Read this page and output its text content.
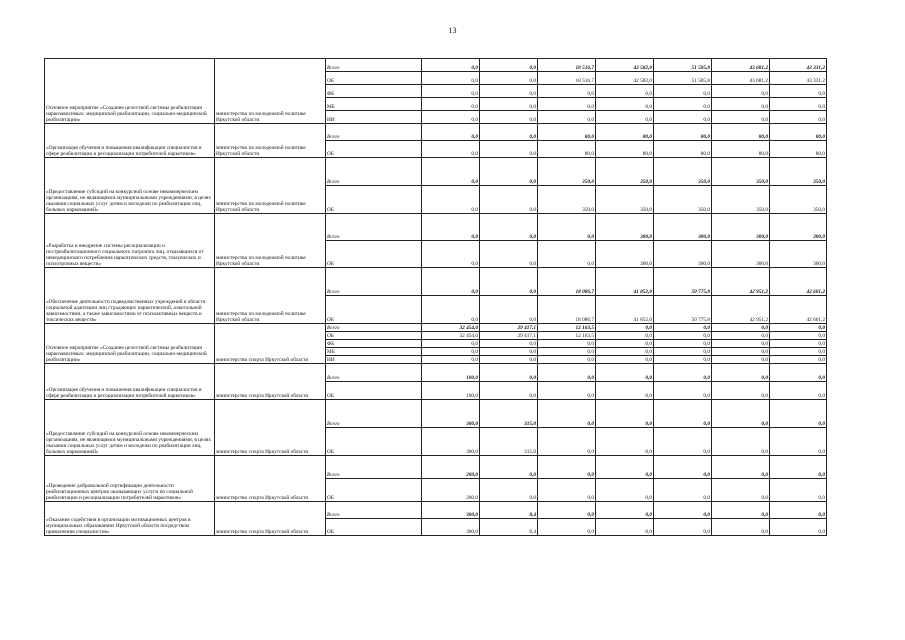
13
Основное мероприятие «Создание целостной системы реабилитации наркозависимых: медицинской реабилитации, социально-медицинской реабилитации»	министерство по молодежной политике Иркутской области	Всего	0,0	0,0	18 516,7	42 582,0	51 505,8	43 681,2	43 331,2
		ОБ	0,0	0,0	18 516,7	42 582,0	51 505,8	43 681,2	43 331,2
		ФБ	0,0	0,0	0,0	0,0	0,0	0,0	0,0
		МБ	0,0	0,0	0,0	0,0	0,0	0,0	0,0
		ИИ	0,0	0,0	0,0	0,0	0,0	0,0	0,0
«Организация обучения и повышения квалификации специалистов в сфере реабилитации и ресоциализации потребителей наркотиков»	министерство по молодежной политике Иркутской области	Всего	0,0	0,0	80,0	80,0	80,0	80,0	80,0
		ОБ	0,0	0,0	80,0	80,0	80,0	80,0	80,0
«Предоставление субсидий на конкурсной основе некоммерческим организациям, не являющимся муниципальными учреждениями, в целях оказания социальных услуг детям и молодежи по реабилитации лиц, больных наркоманией»	министерство по молодежной политике Иркутской области	Всего	0,0	0,0	350,0	350,0	350,0	350,0	350,0
		ОБ	0,0	0,0	350,0	350,0	350,0	350,0	350,0
«Разработка и внедрение системы ресоциализации и постреабилитационного социального патроната лиц, отказавшихся от немедицинского потребления наркотических средств, токсических и психотропных веществ»	министерство по молодежной политике Иркутской области	Всего	0,0	0,0	0,0	300,0	300,0	300,0	300,0
		ОБ	0,0	0,0	0,0	300,0	300,0	300,0	300,0
«Обеспечение деятельности подведомственных учреждений в области социальной адаптации лиц страдающих наркотической, алкогольной зависимостями, а также зависимостями от психоактивных веществ и токсических веществ»	министерство по молодежной политике Иркутской области	Всего	0,0	0,0	18 086,7	41 852,0	50 775,8	42 951,2	42 601,2
		ОБ	0,0	0,0	18 086,7	41 852,0	50 775,8	42 951,2	42 601,2
Основное мероприятие «Создание целостной системы реабилитации наркозависимых: медицинской реабилитации, социально-медицинской реабилитации»	министерство спорта Иркутской области	Всего	32 454,0	29 417,1	12 163,5	0,0	0,0	0,0	0,0
		ОБ	32 454,0	29 417,1	12 163,5	0,0	0,0	0,0	0,0
		ФБ	0,0	0,0	0,0	0,0	0,0	0,0	0,0
		МБ	0,0	0,0	0,0	0,0	0,0	0,0	0,0
		ИИ	0,0	0,0	0,0	0,0	0,0	0,0	0,0
«Организация обучения и повышения квалификации специалистов в сфере реабилитации и ресоциализации потребителей наркотиков»	министерство спорта Иркутской области	Всего	100,0	0,0	0,0	0,0	0,0	0,0	0,0
		ОБ	100,0	0,0	0,0	0,0	0,0	0,0	0,0
«Предоставление субсидий на конкурсной основе некоммерческим организациям, не являющимся муниципальными учреждениями, в целях оказания социальных услуг детям и молодежи по реабилитации лиц, больных наркоманией»	министерство спорта Иркутской области	Всего	300,0	315,0	0,0	0,0	0,0	0,0	0,0
		ОБ	300,0	315,0	0,0	0,0	0,0	0,0	0,0
«Проведение добровольной сертификации деятельности реабилитационных центров оказывающих услуги по социальной реабилитации и ресоциализации потребителей наркотиков»	министерство спорта Иркутской области	Всего	200,0	0,0	0,0	0,0	0,0	0,0	0,0
		ОБ	200,0	0,0	0,0	0,0	0,0	0,0	0,0
«Оказание содействия в организации мотивационных центров в муниципальных образованиях Иркутской области посредством привлечения специалистов»	министерство спорта Иркутской области	Всего	300,0	8,4	0,0	0,0	0,0	0,0	0,0
		ОБ	300,0	8,4	0,0	0,0	0,0	0,0	0,0
